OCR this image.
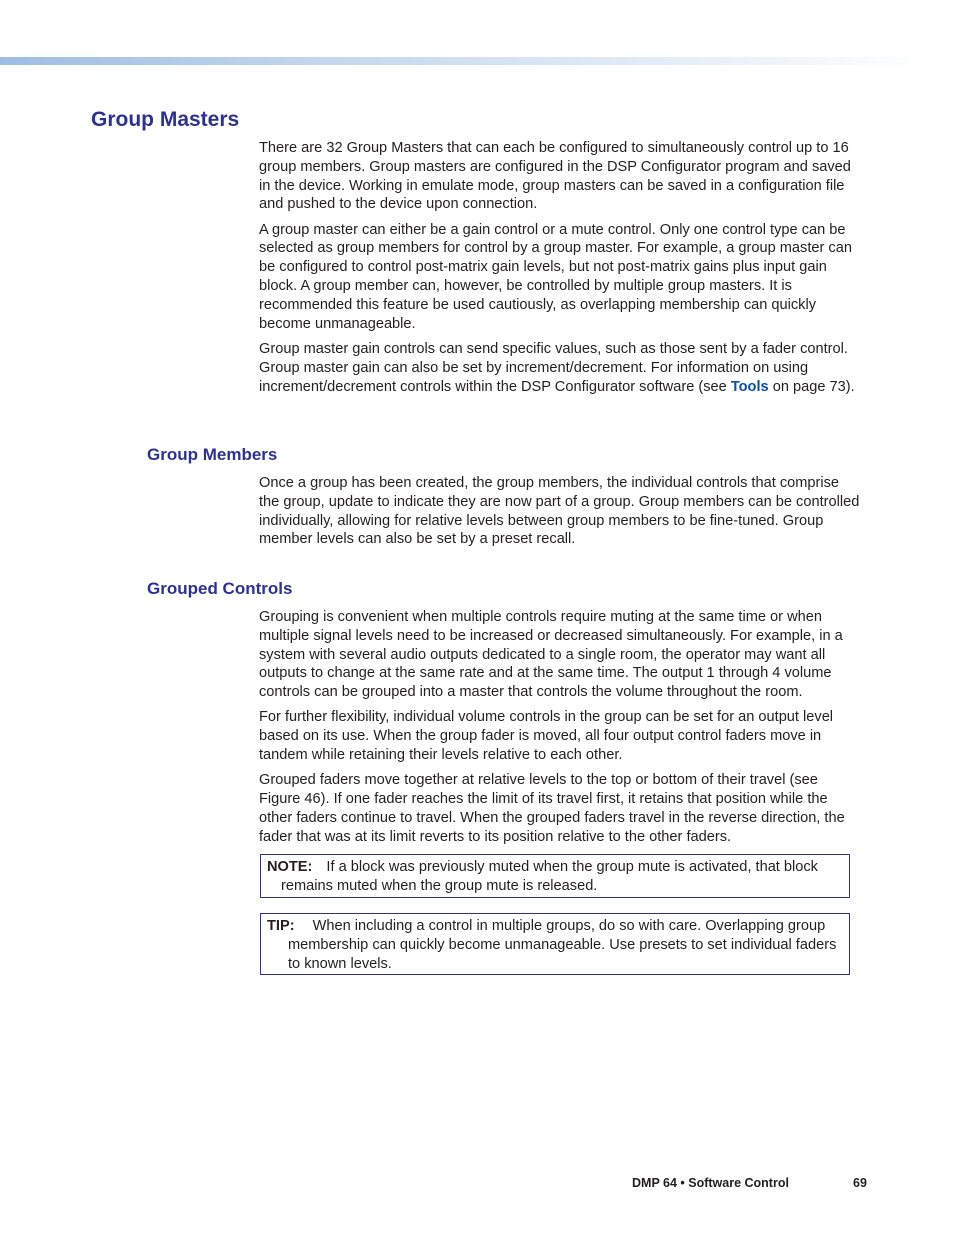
Group Masters

There are 32 Group Masters that can each be configured to simultaneously control up to 16 group members. Group masters are configured in the DSP Configurator program and saved in the device. Working in emulate mode, group masters can be saved in a configuration file and pushed to the device upon connection.

A group master can either be a gain control or a mute control. Only one control type can be selected as group members for control by a group master. For example, a group master can be configured to control post-matrix gain levels, but not post-matrix gains plus input gain block. A group member can, however, be controlled by multiple group masters. It is recommended this feature be used cautiously, as overlapping membership can quickly become unmanageable.

Group master gain controls can send specific values, such as those sent by a fader control. Group master gain can also be set by increment/decrement. For information on using increment/decrement controls within the DSP Configurator software (see Tools on page 73).

Group Members

Once a group has been created, the group members, the individual controls that comprise the group, update to indicate they are now part of a group. Group members can be controlled individually, allowing for relative levels between group members to be fine-tuned. Group member levels can also be set by a preset recall.

Grouped Controls

Grouping is convenient when multiple controls require muting at the same time or when multiple signal levels need to be increased or decreased simultaneously. For example, in a system with several audio outputs dedicated to a single room, the operator may want all outputs to change at the same rate and at the same time. The output 1 through 4 volume controls can be grouped into a master that controls the volume throughout the room.

For further flexibility, individual volume controls in the group can be set for an output level based on its use. When the group fader is moved, all four output control faders move in tandem while retaining their levels relative to each other.

Grouped faders move together at relative levels to the top or bottom of their travel (see Figure 46). If one fader reaches the limit of its travel first, it retains that position while the other faders continue to travel. When the grouped faders travel in the reverse direction, the fader that was at its limit reverts to its position relative to the other faders.

NOTE: If a block was previously muted when the group mute is activated, that block remains muted when the group mute is released.

TIP: When including a control in multiple groups, do so with care. Overlapping group membership can quickly become unmanageable. Use presets to set individual faders to known levels.

DMP 64 • Software Control	69
